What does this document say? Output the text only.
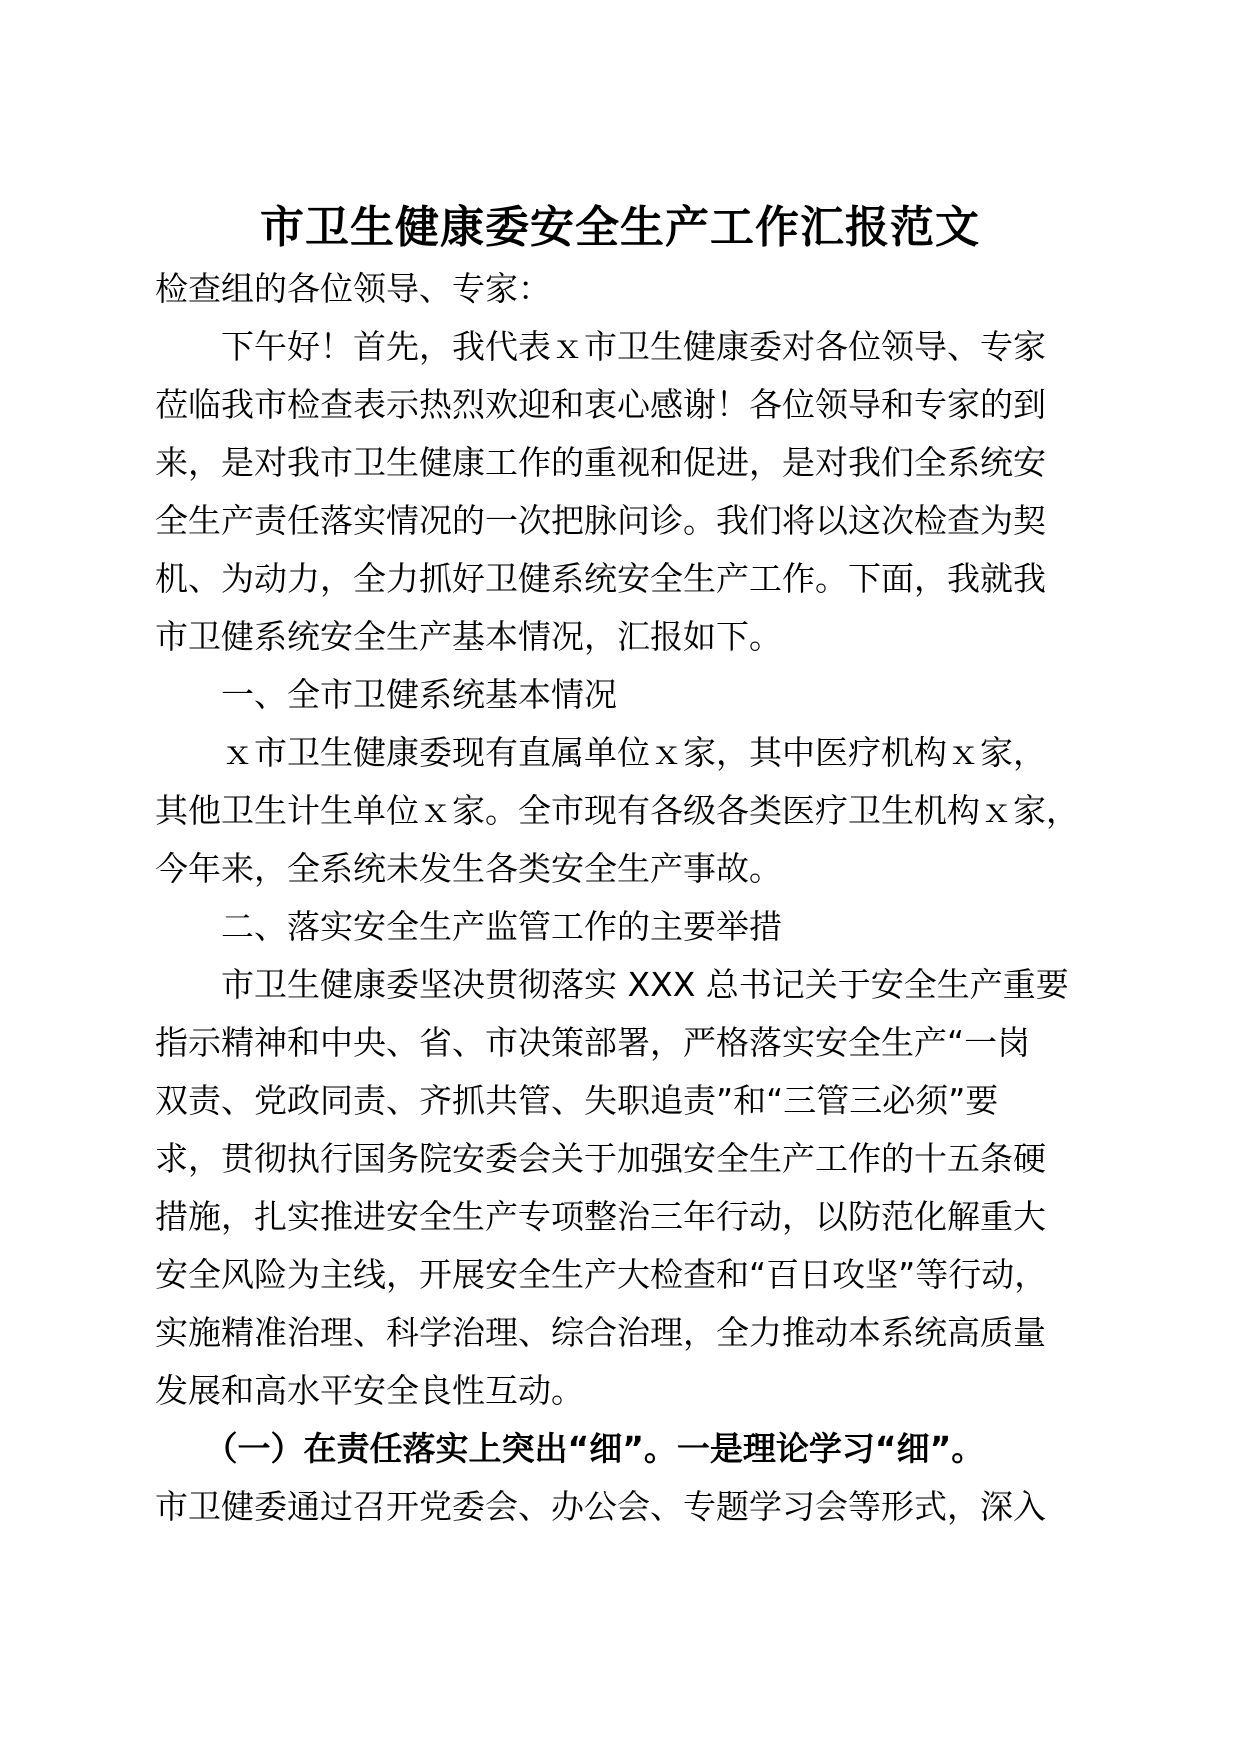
市卫生健康委安全生产工作汇报范文
检查组的各位领导、专家：
　　下午好！首先，我代表ｘ市卫生健康委对各位领导、专家
莅临我市检查表示热烈欢迎和衷心感谢！各位领导和专家的到
来，是对我市卫生健康工作的重视和促进，是对我们全系统安
全生产责任落实情况的一次把脉问诊。我们将以这次检查为契
机、为动力，全力抓好卫健系统安全生产工作。下面，我就我
市卫健系统安全生产基本情况，汇报如下。
　　一、全市卫健系统基本情况
　　ｘ市卫生健康委现有直属单位ｘ家，其中医疗机构ｘ家，
其他卫生计生单位ｘ家。全市现有各级各类医疗卫生机构ｘ家，
今年来，全系统未发生各类安全生产事故。
　　二、落实安全生产监管工作的主要举措
　　市卫生健康委坚决贯彻落实 XXX 总书记关于安全生产重要
指示精神和中央、省、市决策部署，严格落实安全生产“一岗
双责、党政同责、齐抓共管、失职追责”和“三管三必须”要
求，贯彻执行国务院安委会关于加强安全生产工作的十五条硬
措施，扎实推进安全生产专项整治三年行动，以防范化解重大
安全风险为主线，开展安全生产大检查和“百日攻坚”等行动，
实施精准治理、科学治理、综合治理，全力推动本系统高质量
发展和高水平安全良性互动。
　　（一）在责任落实上突出“细”。一是理论学习“细”。
市卫健委通过召开党委会、办公会、专题学习会等形式，深入
